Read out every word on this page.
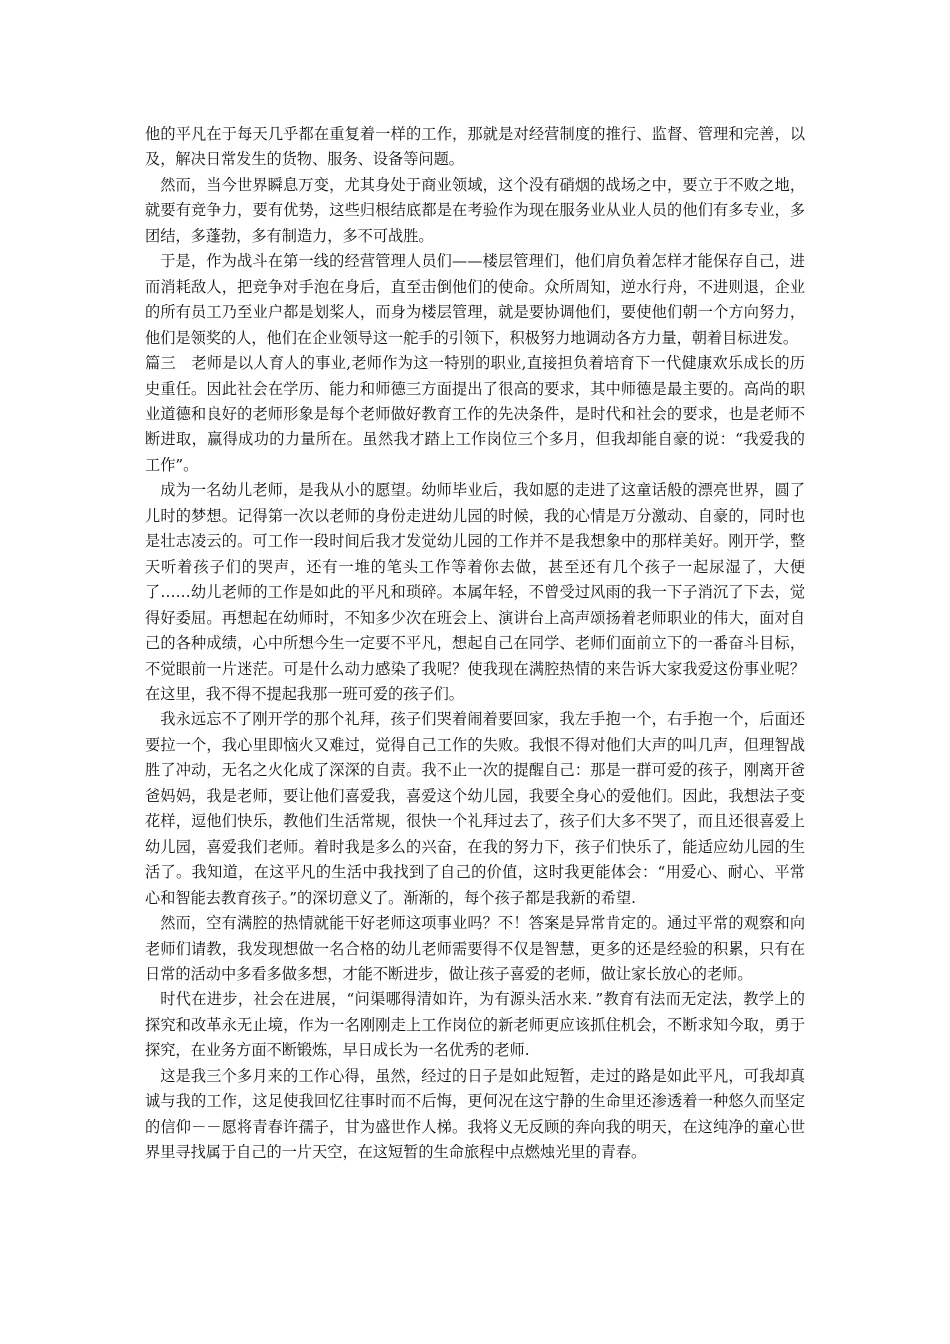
他的平凡在于每天几乎都在重复着一样的工作，那就是对经营制度的推行、监督、管理和完善，以及，解决日常发生的货物、服务、设备等问题。

然而，当今世界瞬息万变，尤其身处于商业领域，这个没有硝烟的战场之中，要立于不败之地，就要有竞争力，要有优势，这些归根结底都是在考验作为现在服务业从业人员的他们有多专业，多团结，多蓬勃，多有制造力，多不可战胜。

于是，作为战斗在第一线的经营管理人员们——楼层管理们，他们肩负着怎样才能保存自己，进而消耗敌人，把竞争对手泡在身后，直至击倒他们的使命。众所周知，逆水行舟，不进则退，企业的所有员工乃至业户都是划桨人，而身为楼层管理，就是要协调他们，要使他们朝一个方向努力，他们是领奖的人，他们在企业领导这一舵手的引领下，积极努力地调动各方力量，朝着目标进发。

篇三　老师是以人育人的事业,老师作为这一特别的职业,直接担负着培育下一代健康欢乐成长的历史重任。因此社会在学历、能力和师德三方面提出了很高的要求，其中师德是最主要的。高尚的职业道德和良好的老师形象是每个老师做好教育工作的先决条件，是时代和社会的要求，也是老师不断进取，赢得成功的力量所在。虽然我才踏上工作岗位三个多月，但我却能自豪的说：“我爱我的工作”。

成为一名幼儿老师，是我从小的愿望。幼师毕业后，我如愿的走进了这童话般的漂亮世界，圆了儿时的梦想。记得第一次以老师的身份走进幼儿园的时候，我的心情是万分激动、自豪的，同时也是壮志凌云的。可工作一段时间后我才发觉幼儿园的工作并不是我想象中的那样美好。刚开学，整天听着孩子们的哭声，还有一堆的笔头工作等着你去做，甚至还有几个孩子一起尿湿了，大便了……幼儿老师的工作是如此的平凡和琐碎。本属年轻，不曾受过风雨的我一下子消沉了下去，觉得好委屈。再想起在幼师时，不知多少次在班会上、演讲台上高声颂扬着老师职业的伟大，面对自己的各种成绩，心中所想今生一定要不平凡，想起自己在同学、老师们面前立下的一番奋斗目标，不觉眼前一片迷茫。可是什么动力感染了我呢？使我现在满腔热情的来告诉大家我爱这份事业呢？在这里，我不得不提起我那一班可爱的孩子们。

我永远忘不了刚开学的那个礼拜，孩子们哭着闹着要回家，我左手抱一个，右手抱一个，后面还要拉一个，我心里即恼火又难过，觉得自己工作的失败。我恨不得对他们大声的叫几声，但理智战胜了冲动，无名之火化成了深深的自责。我不止一次的提醒自己：那是一群可爱的孩子，刚离开爸爸妈妈，我是老师，要让他们喜爱我，喜爱这个幼儿园，我要全身心的爱他们。因此，我想法子变花样，逗他们快乐，教他们生活常规，很快一个礼拜过去了，孩子们大多不哭了，而且还很喜爱上幼儿园，喜爱我们老师。着时我是多么的兴奋，在我的努力下，孩子们快乐了，能适应幼儿园的生活了。我知道，在这平凡的生活中我找到了自己的价值，这时我更能体会：“用爱心、耐心、平常心和智能去教育孩子。”的深切意义了。渐渐的，每个孩子都是我新的希望.

然而，空有满腔的热情就能干好老师这项事业吗？不！答案是异常肯定的。通过平常的观察和向老师们请教，我发现想做一名合格的幼儿老师需要得不仅是智慧，更多的还是经验的积累，只有在日常的活动中多看多做多想，才能不断进步，做让孩子喜爱的老师，做让家长放心的老师。

时代在进步，社会在进展，“问渠哪得清如许，为有源头活水来．”教育有法而无定法，教学上的探究和改革永无止境，作为一名刚刚走上工作岗位的新老师更应该抓住机会，不断求知今取，勇于探究，在业务方面不断锻炼，早日成长为一名优秀的老师.

这是我三个多月来的工作心得，虽然，经过的日子是如此短暂，走过的路是如此平凡，可我却真诚与我的工作，这足使我回忆往事时而不后悔，更何况在这宁静的生命里还渗透着一种悠久而坚定的信仰－－愿将青春许孺子，甘为盛世作人梯。我将义无反顾的奔向我的明天，在这纯净的童心世界里寻找属于自己的一片天空，在这短暂的生命旅程中点燃烛光里的青春。
